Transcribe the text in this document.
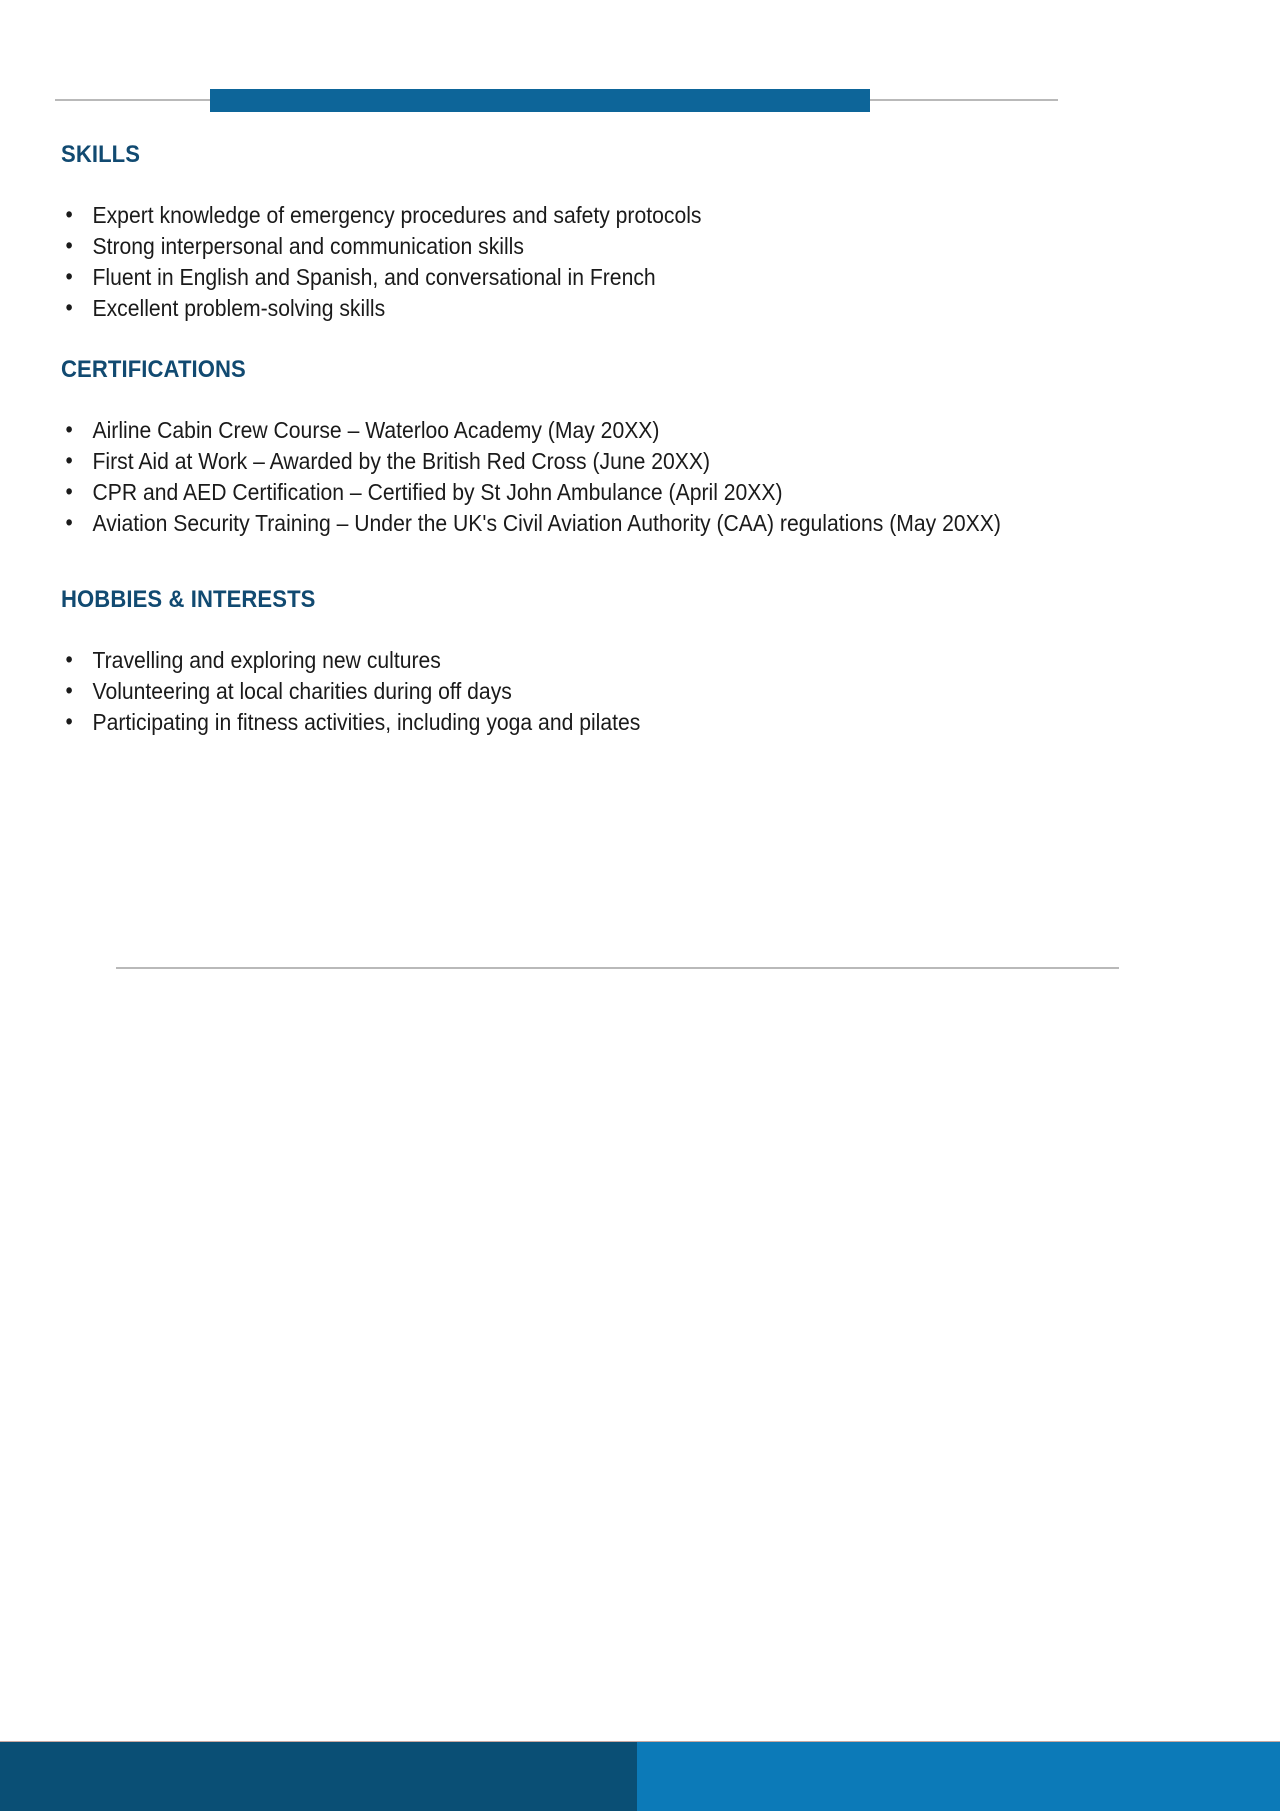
SKILLS
• Expert knowledge of emergency procedures and safety protocols
• Strong interpersonal and communication skills
• Fluent in English and Spanish, and conversational in French
• Excellent problem-solving skills
CERTIFICATIONS
• Airline Cabin Crew Course – Waterloo Academy (May 20XX)
• First Aid at Work – Awarded by the British Red Cross (June 20XX)
• CPR and AED Certification – Certified by St John Ambulance (April 20XX)
• Aviation Security Training – Under the UK's Civil Aviation Authority (CAA) regulations (May 20XX)
HOBBIES & INTERESTS
• Travelling and exploring new cultures
• Volunteering at local charities during off days
• Participating in fitness activities, including yoga and pilates
